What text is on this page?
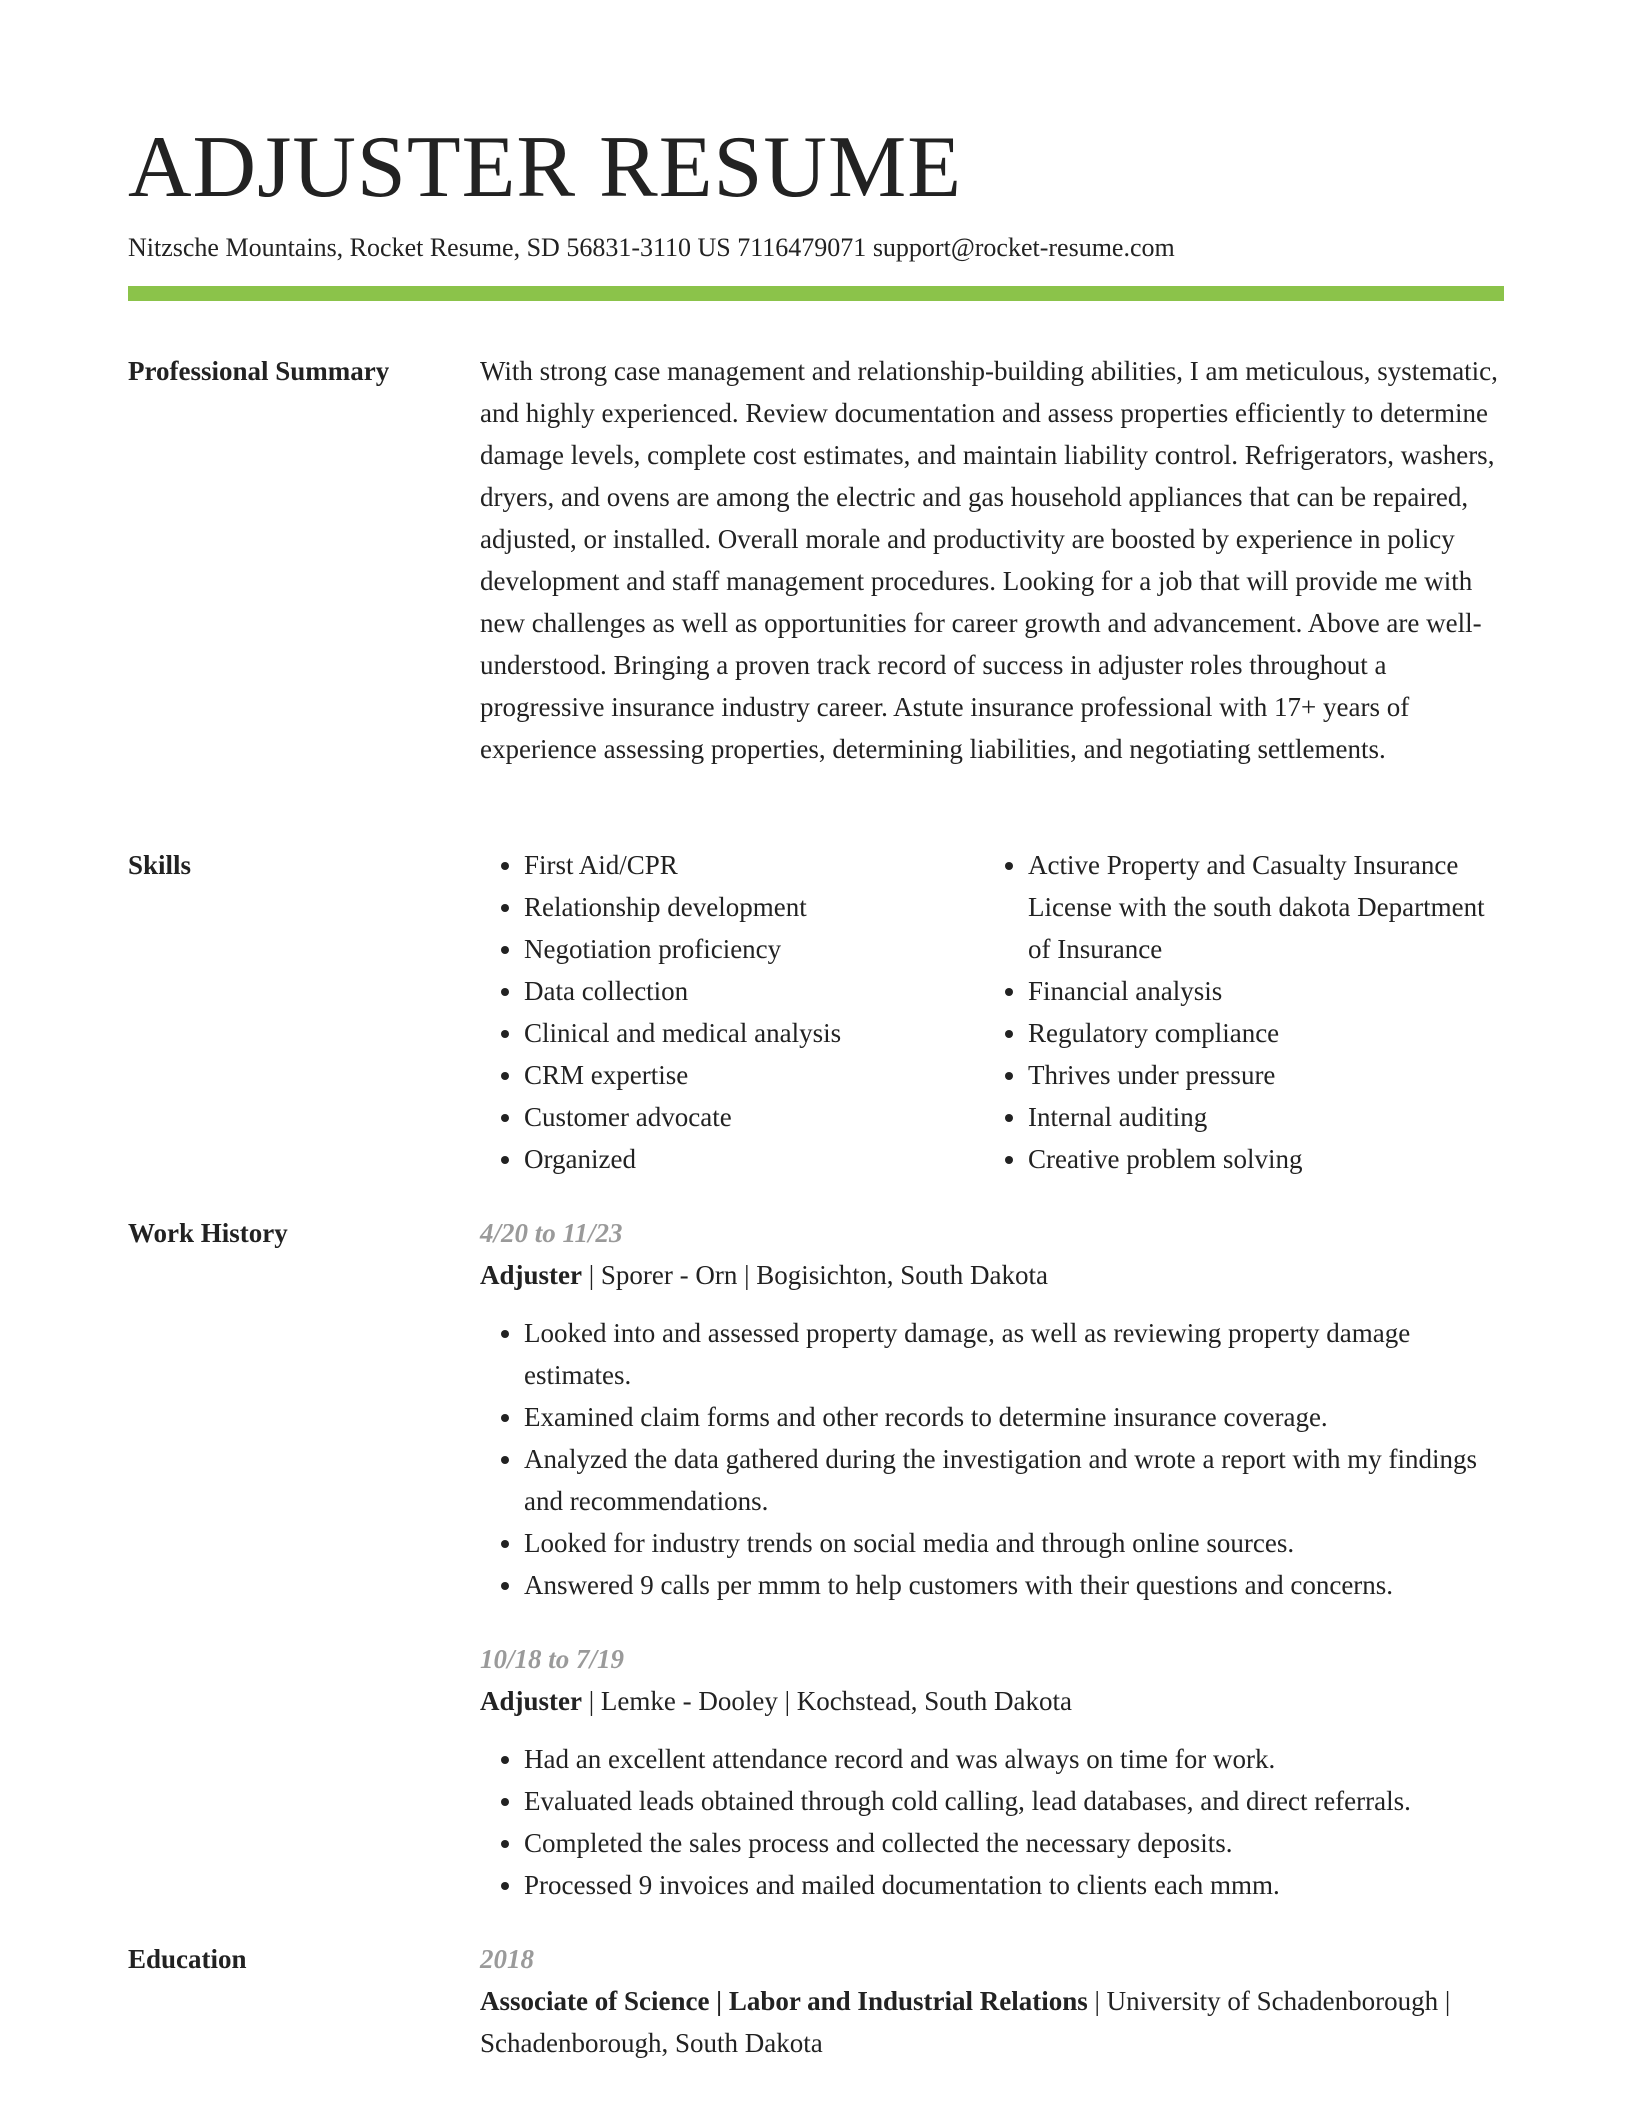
ADJUSTER RESUME
Nitzsche Mountains, Rocket Resume, SD 56831-3110 US 7116479071 support@rocket-resume.com
Professional Summary	With strong case management and relationship-building abilities, I am meticulous, systematic, and highly experienced. Review documentation and assess properties efficiently to determine damage levels, complete cost estimates, and maintain liability control. Refrigerators, washers, dryers, and ovens are among the electric and gas household appliances that can be repaired, adjusted, or installed. Overall morale and productivity are boosted by experience in policy development and staff management procedures. Looking for a job that will provide me with new challenges as well as opportunities for career growth and advancement. Above are well-understood. Bringing a proven track record of success in adjuster roles throughout a progressive insurance industry career. Astute insurance professional with 17+ years of experience assessing properties, determining liabilities, and negotiating settlements.

Skills
•	First Aid/CPR
• Relationship development
• Negotiation proficiency
• Data collection
• Clinical and medical analysis
• CRM expertise
• Customer advocate
• Organized
• Active Property and Casualty Insurance License with the south dakota Department of Insurance
• Financial analysis
• Regulatory compliance
• Thrives under pressure
• Internal auditing
• Creative problem solving
Work History	4/20 to 11/23
Adjuster | Sporer - Orn | Bogisichton, South Dakota
• Looked into and assessed property damage, as well as reviewing property damage estimates.
• Examined claim forms and other records to determine insurance coverage.
• Analyzed the data gathered during the investigation and wrote a report with my findings and recommendations.
• Looked for industry trends on social media and through online sources.
• Answered 9 calls per mmm to help customers with their questions and concerns.
10/18 to 7/19
Adjuster | Lemke - Dooley | Kochstead, South Dakota
• Had an excellent attendance record and was always on time for work.
• Evaluated leads obtained through cold calling, lead databases, and direct referrals.
• Completed the sales process and collected the necessary deposits.
• Processed 9 invoices and mailed documentation to clients each mmm.
Education	2018
Associate of Science | Labor and Industrial Relations | University of Schadenborough | Schadenborough, South Dakota
